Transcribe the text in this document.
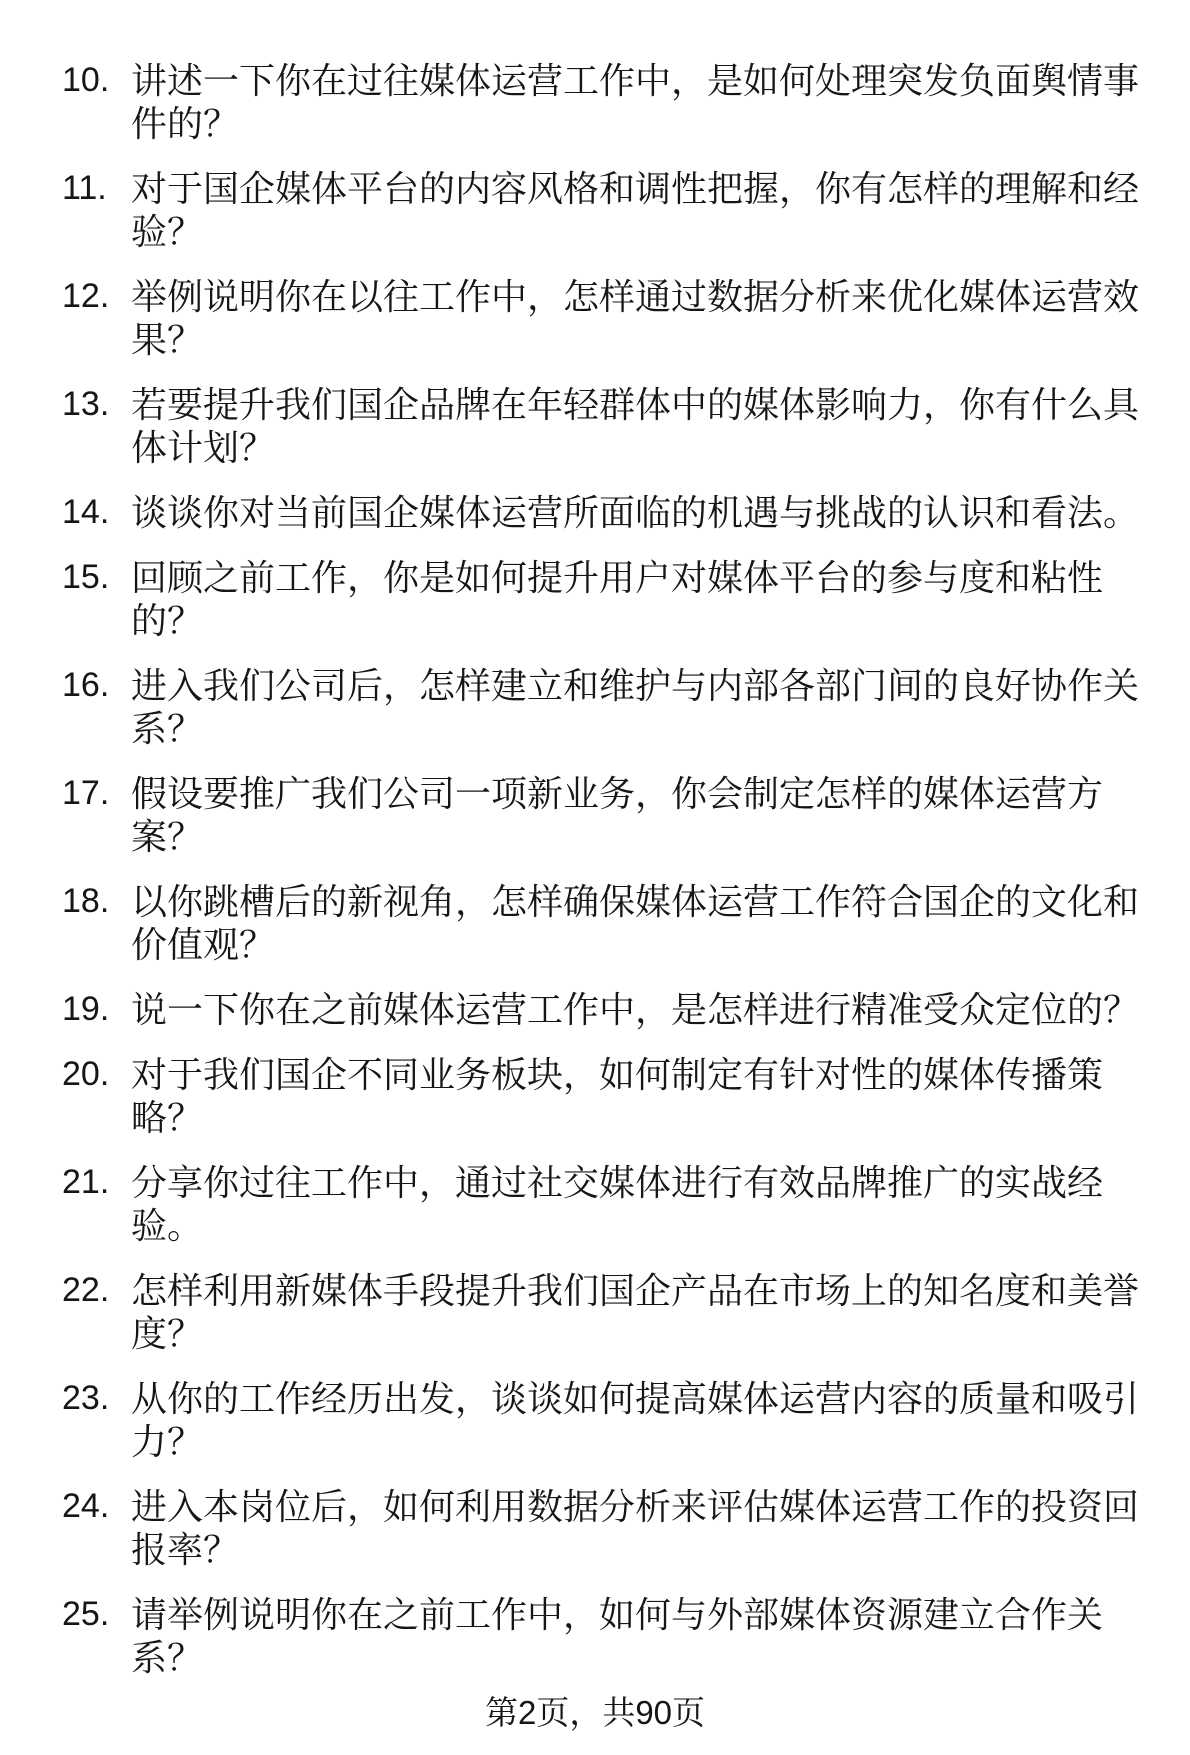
10. 讲述一下你在过往媒体运营工作中，是如何处理突发负面舆情事件的？
11. 对于国企媒体平台的内容风格和调性把握，你有怎样的理解和经验？
12. 举例说明你在以往工作中，怎样通过数据分析来优化媒体运营效果？
13. 若要提升我们国企品牌在年轻群体中的媒体影响力，你有什么具体计划？
14. 谈谈你对当前国企媒体运营所面临的机遇与挑战的认识和看法。
15. 回顾之前工作，你是如何提升用户对媒体平台的参与度和粘性的？
16. 进入我们公司后，怎样建立和维护与内部各部门间的良好协作关系？
17. 假设要推广我们公司一项新业务，你会制定怎样的媒体运营方案？
18. 以你跳槽后的新视角，怎样确保媒体运营工作符合国企的文化和价值观？
19. 说一下你在之前媒体运营工作中，是怎样进行精准受众定位的？
20. 对于我们国企不同业务板块，如何制定有针对性的媒体传播策略？
21. 分享你过往工作中，通过社交媒体进行有效品牌推广的实战经验。
22. 怎样利用新媒体手段提升我们国企产品在市场上的知名度和美誉度？
23. 从你的工作经历出发，谈谈如何提高媒体运营内容的质量和吸引力？
24. 进入本岗位后，如何利用数据分析来评估媒体运营工作的投资回报率？
25. 请举例说明你在之前工作中，如何与外部媒体资源建立合作关系？
第2页，共90页
